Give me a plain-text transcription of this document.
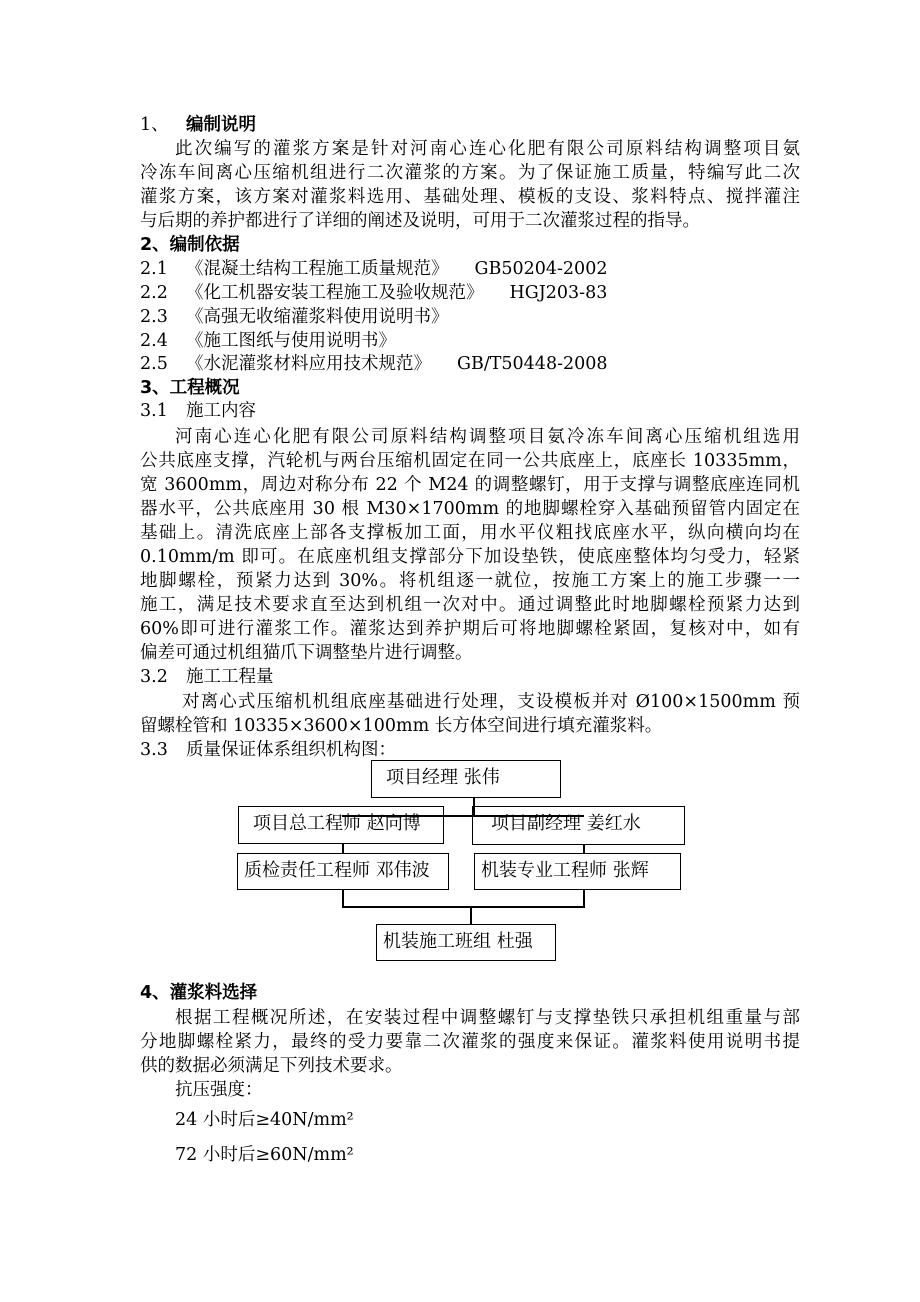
1、 编制说明
此次编写的灌浆方案是针对河南心连心化肥有限公司原料结构调整项目氨
冷冻车间离心压缩机组进行二次灌浆的方案。为了保证施工质量，特编写此二次
灌浆方案，该方案对灌浆料选用、基础处理、模板的支设、浆料特点、搅拌灌注
与后期的养护都进行了详细的阐述及说明，可用于二次灌浆过程的指导。
2、编制依据
2.1 《混凝土结构工程施工质量规范》 GB50204-2002
2.2 《化工机器安装工程施工及验收规范》 HGJ203-83
2.3 《高强无收缩灌浆料使用说明书》
2.4 《施工图纸与使用说明书》
2.5 《水泥灌浆材料应用技术规范》 GB/T50448-2008
3、工程概况
3.1 施工内容
河南心连心化肥有限公司原料结构调整项目氨冷冻车间离心压缩机组选用
公共底座支撑，汽轮机与两台压缩机固定在同一公共底座上，底座长 10335mm，
宽 3600mm，周边对称分布 22 个 M24 的调整螺钉，用于支撑与调整底座连同机
器水平，公共底座用 30 根 M30×1700mm 的地脚螺栓穿入基础预留管内固定在
基础上。清洗底座上部各支撑板加工面，用水平仪粗找底座水平，纵向横向均在
0.10mm/m 即可。在底座机组支撑部分下加设垫铁，使底座整体均匀受力，轻紧
地脚螺栓，预紧力达到 30%。将机组逐一就位，按施工方案上的施工步骤一一
施工，满足技术要求直至达到机组一次对中。通过调整此时地脚螺栓预紧力达到
60%即可进行灌浆工作。灌浆达到养护期后可将地脚螺栓紧固，复核对中，如有
偏差可通过机组猫爪下调整垫片进行调整。
3.2 施工工程量
对离心式压缩机机组底座基础进行处理，支设模板并对 Ø100×1500mm 预
留螺栓管和 10335×3600×100mm 长方体空间进行填充灌浆料。
3.3 质量保证体系组织机构图：
项目经理 张伟
项目总工程师 赵向博	项目副经理 姜红水
质检责任工程师 邓伟波	机装专业工程师 张辉
机装施工班组 杜强
4、灌浆料选择
根据工程概况所述，在安装过程中调整螺钉与支撑垫铁只承担机组重量与部
分地脚螺栓紧力，最终的受力要靠二次灌浆的强度来保证。灌浆料使用说明书提
供的数据必须满足下列技术要求。
抗压强度：
24 小时后≥40N/mm²
72 小时后≥60N/mm²
